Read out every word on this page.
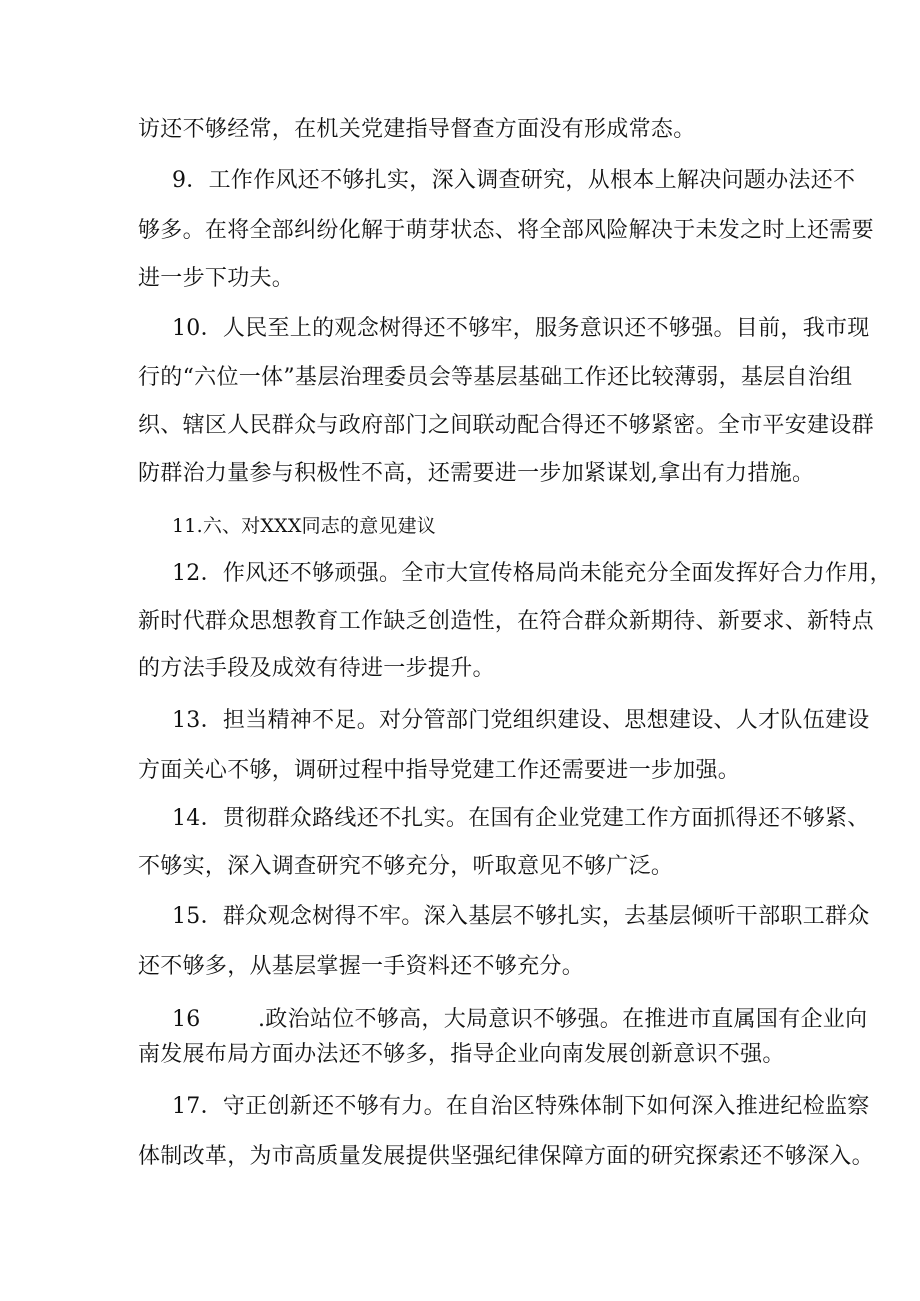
访还不够经常，在机关党建指导督查方面没有形成常态。
9．工作作风还不够扎实，深入调查研究，从根本上解决问题办法还不
够多。在将全部纠纷化解于萌芽状态、将全部风险解决于未发之时上还需要
进一步下功夫。
10．人民至上的观念树得还不够牢，服务意识还不够强。目前，我市现
行的“六位一体”基层治理委员会等基层基础工作还比较薄弱，基层自治组
织、辖区人民群众与政府部门之间联动配合得还不够紧密。全市平安建设群
防群治力量参与积极性不高，还需要进一步加紧谋划,拿出有力措施。
11.六、对XXX同志的意见建议
12．作风还不够顽强。全市大宣传格局尚未能充分全面发挥好合力作用，
新时代群众思想教育工作缺乏创造性，在符合群众新期待、新要求、新特点
的方法手段及成效有待进一步提升。
13．担当精神不足。对分管部门党组织建设、思想建设、人才队伍建设
方面关心不够，调研过程中指导党建工作还需要进一步加强。
14．贯彻群众路线还不扎实。在国有企业党建工作方面抓得还不够紧、
不够实，深入调查研究不够充分，听取意见不够广泛。
15．群众观念树得不牢。深入基层不够扎实，去基层倾听干部职工群众
还不够多，从基层掌握一手资料还不够充分。
16	.政治站位不够高，大局意识不够强。在推进市直属国有企业向
南发展布局方面办法还不够多，指导企业向南发展创新意识不强。
17．守正创新还不够有力。在自治区特殊体制下如何深入推进纪检监察
体制改革，为市高质量发展提供坚强纪律保障方面的研究探索还不够深入。
